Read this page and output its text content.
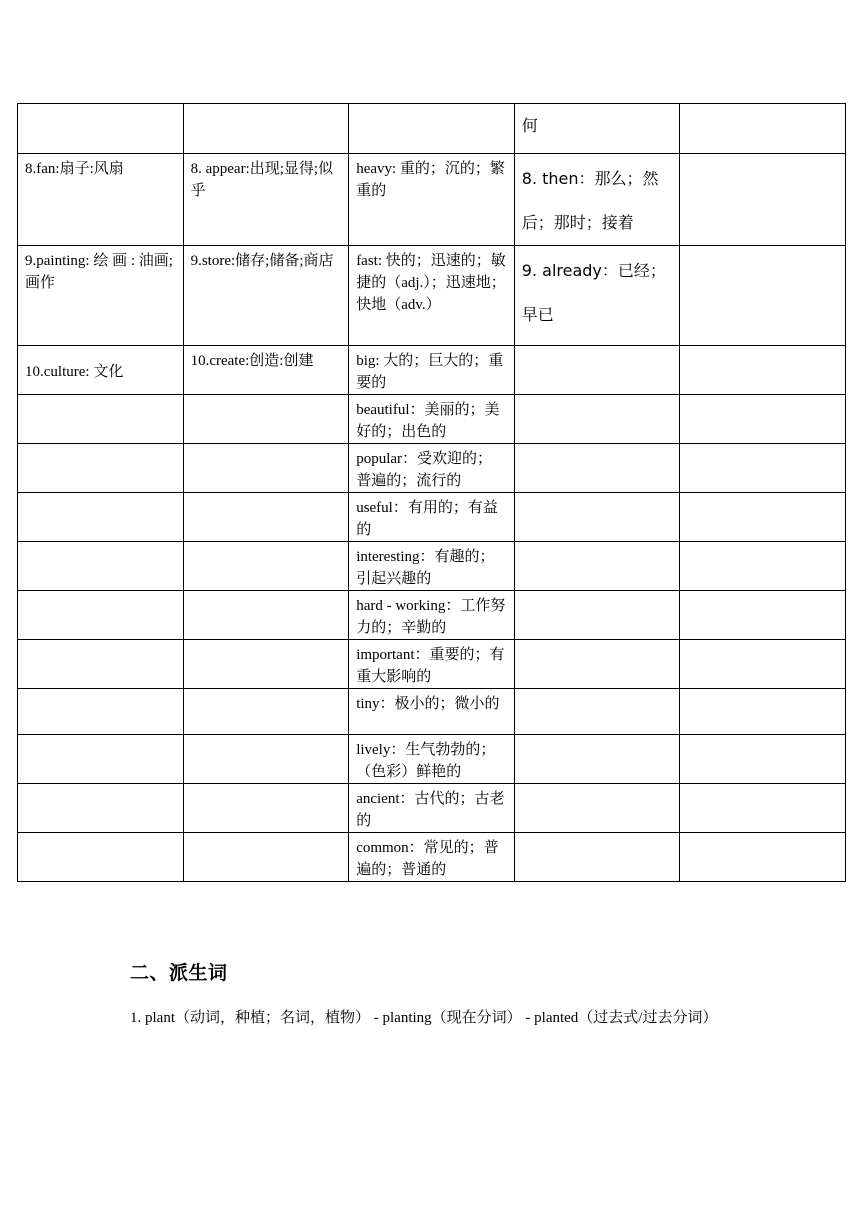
			何	
8.fan:扇子:风扇	8. appear:出现;显得;似乎	heavy: 重的；沉的；繁重的	8. then：那么；然后；那时；接着	
9.painting: 绘 画 : 油画;画作	9.store:储存;储备;商店	fast: 快的；迅速的；敏捷的（adj.）；迅速地；快地（adv.）	9. already：已经；早已	
10.culture: 文化	10.create:创造:创建	big: 大的；巨大的；重要的		
		beautiful：美丽的；美好的；出色的		
		popular：受欢迎的；普遍的；流行的		
		useful：有用的；有益的		
		interesting：有趣的；引起兴趣的		
		hard - working：工作努力的；辛勤的		
		important：重要的；有重大影响的		
		tiny：极小的；微小的		
		lively：生气勃勃的；（色彩）鲜艳的		
		ancient：古代的；古老的		
		common：常见的；普遍的；普通的		
二、派生词
1. plant（动词，种植；名词，植物） - planting（现在分词） - planted（过去式/过去分词）
